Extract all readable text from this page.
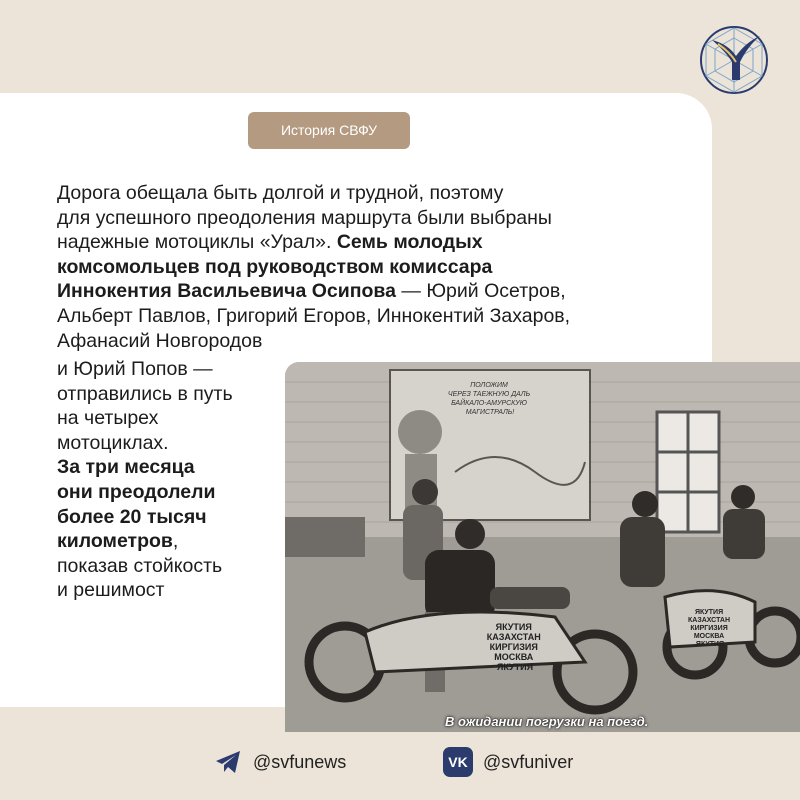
История СВФУ
Дорога обещала быть долгой и трудной, поэтому
для успешного преодоления маршрута были выбраны
надежные мотоциклы «Урал». Семь молодых
комсомольцев под руководством комиссара
Иннокентия Васильевича Осипова — Юрий Осетров,
Альберт Павлов, Григорий Егоров, Иннокентий Захаров,
Афанасий Новгородов
и Юрий Попов —
отправились в путь
на четырех
мотоциклах.
За три месяца
они преодолели
более 20 тысяч
километров,
показав стойкость
и решимост
ПОЛОЖИМ ЧЕРЕЗ ТАЕЖНУЮ ДАЛЬ БАЙКАЛО-АМУРСКУЮ МАГИСТРАЛЬ!
ЯКУТИЯ КАЗАХСТАН КИРГИЗИЯ МОСКВА ЯКУТИЯ
ЯКУТИЯ КАЗАХСТАН КИРГИЗИЯ МОСКВА ЯКУТИЯ
В ожидании погрузки на поезд.
@svfunews	VK @svfuniver
